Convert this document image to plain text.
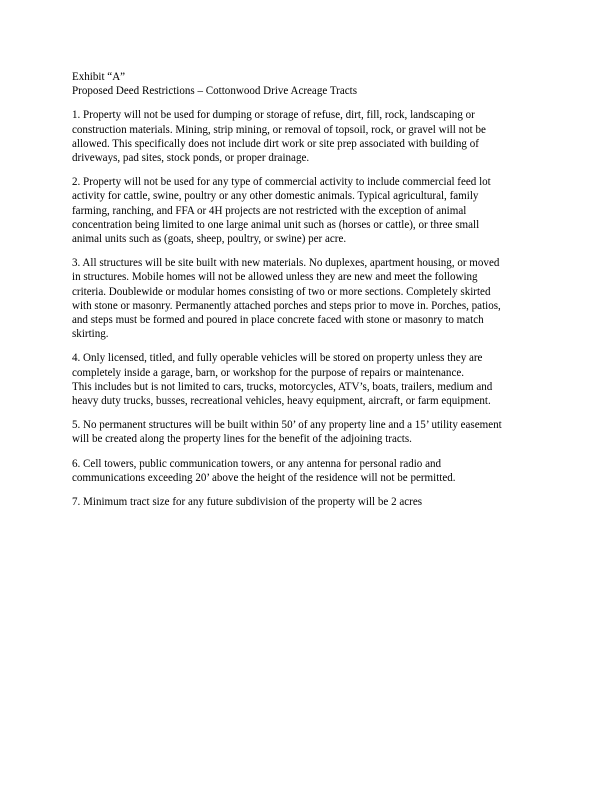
Exhibit “A”
Proposed Deed Restrictions – Cottonwood Drive Acreage Tracts
1. Property will not be used for dumping or storage of refuse, dirt, fill, rock, landscaping or
construction materials. Mining, strip mining, or removal of topsoil, rock, or gravel will not be
allowed. This specifically does not include dirt work or site prep associated with building of
driveways, pad sites, stock ponds, or proper drainage.
2. Property will not be used for any type of commercial activity to include commercial feed lot
activity for cattle, swine, poultry or any other domestic animals. Typical agricultural, family
farming, ranching, and FFA or 4H projects are not restricted with the exception of animal
concentration being limited to one large animal unit such as (horses or cattle), or three small
animal units such as (goats, sheep, poultry, or swine) per acre.
3. All structures will be site built with new materials. No duplexes, apartment housing, or moved
in structures. Mobile homes will not be allowed unless they are new and meet the following
criteria. Doublewide or modular homes consisting of two or more sections. Completely skirted
with stone or masonry. Permanently attached porches and steps prior to move in. Porches, patios,
and steps must be formed and poured in place concrete faced with stone or masonry to match
skirting.
4. Only licensed, titled, and fully operable vehicles will be stored on property unless they are
completely inside a garage, barn, or workshop for the purpose of repairs or maintenance.
This includes but is not limited to cars, trucks, motorcycles, ATV’s, boats, trailers, medium and
heavy duty trucks, busses, recreational vehicles, heavy equipment, aircraft, or farm equipment.
5. No permanent structures will be built within 50’ of any property line and a 15’ utility easement
will be created along the property lines for the benefit of the adjoining tracts.
6. Cell towers, public communication towers, or any antenna for personal radio and
communications exceeding 20’ above the height of the residence will not be permitted.
7. Minimum tract size for any future subdivision of the property will be 2 acres
